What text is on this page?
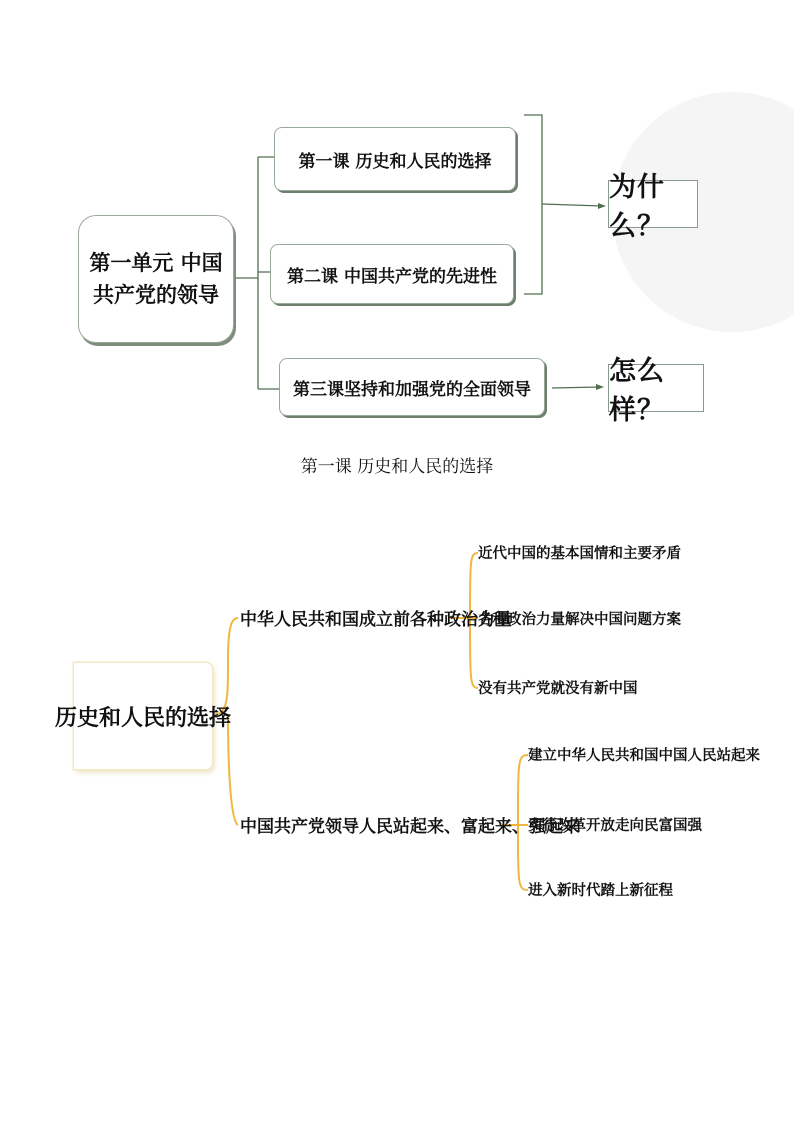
第一单元 中国共产党的领导
第一课 历史和人民的选择
第二课 中国共产党的先进性
第三课坚持和加强党的全面领导
为什么？
怎么样？
第一课 历史和人民的选择
历史和人民的选择
中华人民共和国成立前各种政治力量
中国共产党领导人民站起来、富起来、强起来
近代中国的基本国情和主要矛盾
各种政治力量解决中国问题方案
没有共产党就没有新中国
建立中华人民共和国中国人民站起来
实行改革开放走向民富国强
进入新时代踏上新征程
